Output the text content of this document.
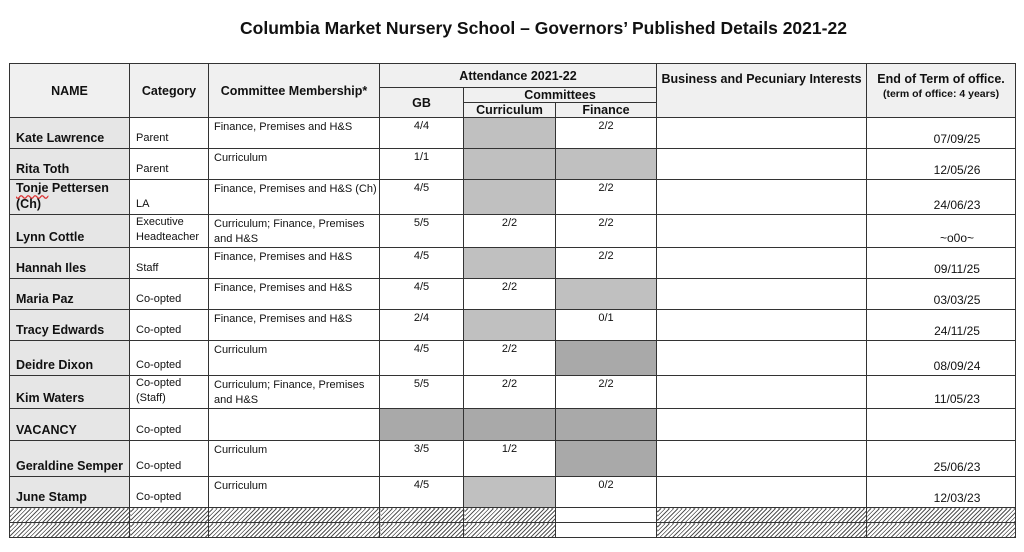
Columbia Market Nursery School – Governors’ Published Details 2021-22
NAME	Category	Committee Membership*	Attendance 2021-22			Business and Pecuniary Interests	End of Term of office.
(term of office: 4 years)

			GB	Committees			
				Curriculum	Finance		
Kate Lawrence	Parent	Finance, Premises and H&S	4/4		2/2		07/09/25
Rita Toth	Parent	Curriculum	1/1				12/05/26
Tonje Pettersen (Ch)	LA	Finance, Premises and H&S (Ch)	4/5		2/2		24/06/23
Lynn Cottle	Executive Headteacher	Curriculum; Finance, Premises and H&S	5/5	2/2	2/2		~o0o~
Hannah Iles	Staff	Finance, Premises and H&S	4/5		2/2		09/11/25
Maria Paz	Co-opted	Finance, Premises and H&S	4/5	2/2			03/03/25
Tracy Edwards	Co-opted	Finance, Premises and H&S	2/4		0/1		24/11/25
Deidre Dixon	Co-opted	Curriculum	4/5	2/2			08/09/24
Kim Waters	Co-opted (Staff)	Curriculum; Finance, Premises and H&S	5/5	2/2	2/2		11/05/23
VACANCY	Co-opted						
Geraldine Semper	Co-opted	Curriculum	3/5	1/2			25/06/23
June Stamp	Co-opted	Curriculum	4/5		0/2		12/03/23
